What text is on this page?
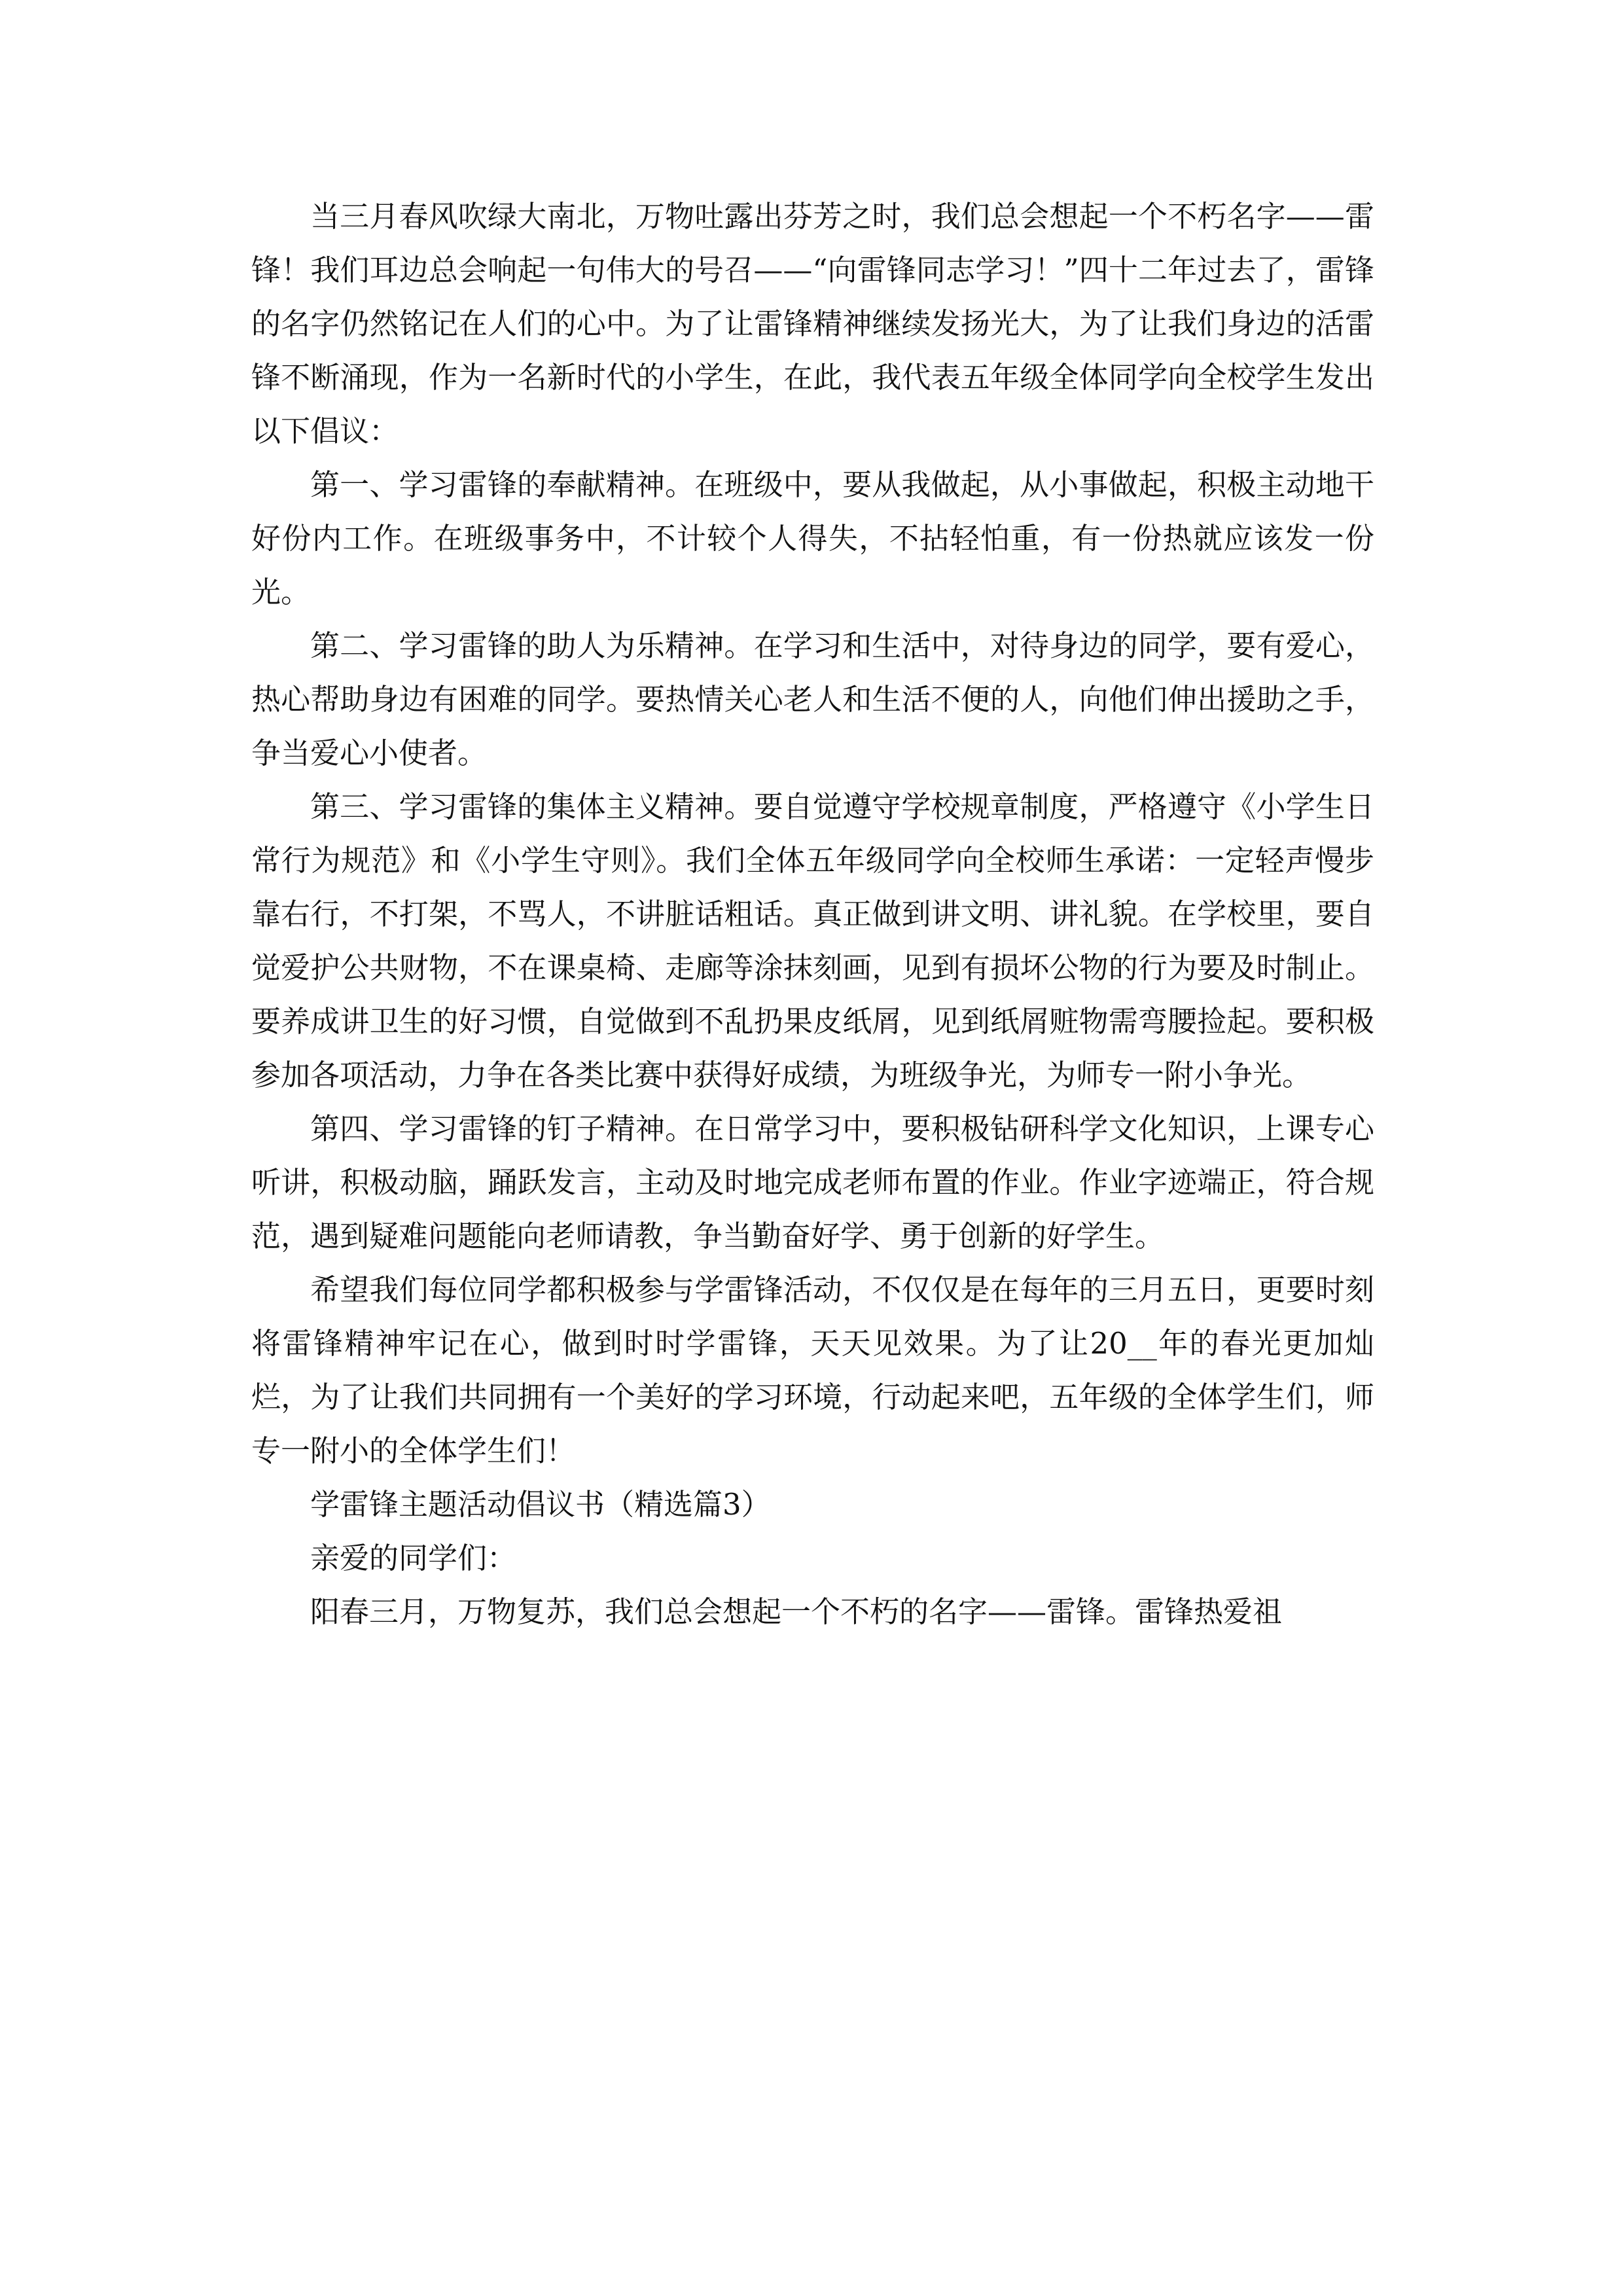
当三月春风吹绿大南北，万物吐露出芬芳之时，我们总会想起一个不朽名字——雷锋！我们耳边总会响起一句伟大的号召——“向雷锋同志学习！”四十二年过去了，雷锋的名字仍然铭记在人们的心中。为了让雷锋精神继续发扬光大，为了让我们身边的活雷锋不断涌现，作为一名新时代的小学生，在此，我代表五年级全体同学向全校学生发出以下倡议：

第一、学习雷锋的奉献精神。在班级中，要从我做起，从小事做起，积极主动地干好份内工作。在班级事务中，不计较个人得失，不拈轻怕重，有一份热就应该发一份光。

第二、学习雷锋的助人为乐精神。在学习和生活中，对待身边的同学，要有爱心，热心帮助身边有困难的同学。要热情关心老人和生活不便的人，向他们伸出援助之手，争当爱心小使者。

第三、学习雷锋的集体主义精神。要自觉遵守学校规章制度，严格遵守《小学生日常行为规范》和《小学生守则》。我们全体五年级同学向全校师生承诺：一定轻声慢步靠右行，不打架，不骂人，不讲脏话粗话。真正做到讲文明、讲礼貌。在学校里，要自觉爱护公共财物，不在课桌椅、走廊等涂抹刻画，见到有损坏公物的行为要及时制止。要养成讲卫生的好习惯，自觉做到不乱扔果皮纸屑，见到纸屑赃物需弯腰捡起。要积极参加各项活动，力争在各类比赛中获得好成绩，为班级争光，为师专一附小争光。

第四、学习雷锋的钉子精神。在日常学习中，要积极钻研科学文化知识，上课专心听讲，积极动脑，踊跃发言，主动及时地完成老师布置的作业。作业字迹端正，符合规范，遇到疑难问题能向老师请教，争当勤奋好学、勇于创新的好学生。

希望我们每位同学都积极参与学雷锋活动，不仅仅是在每年的三月五日，更要时刻将雷锋精神牢记在心，做到时时学雷锋，天天见效果。为了让20__年的春光更加灿烂，为了让我们共同拥有一个美好的学习环境，行动起来吧，五年级的全体学生们，师专一附小的全体学生们！

学雷锋主题活动倡议书（精选篇3）

亲爱的同学们：

阳春三月，万物复苏，我们总会想起一个不朽的名字——雷锋。雷锋热爱祖
